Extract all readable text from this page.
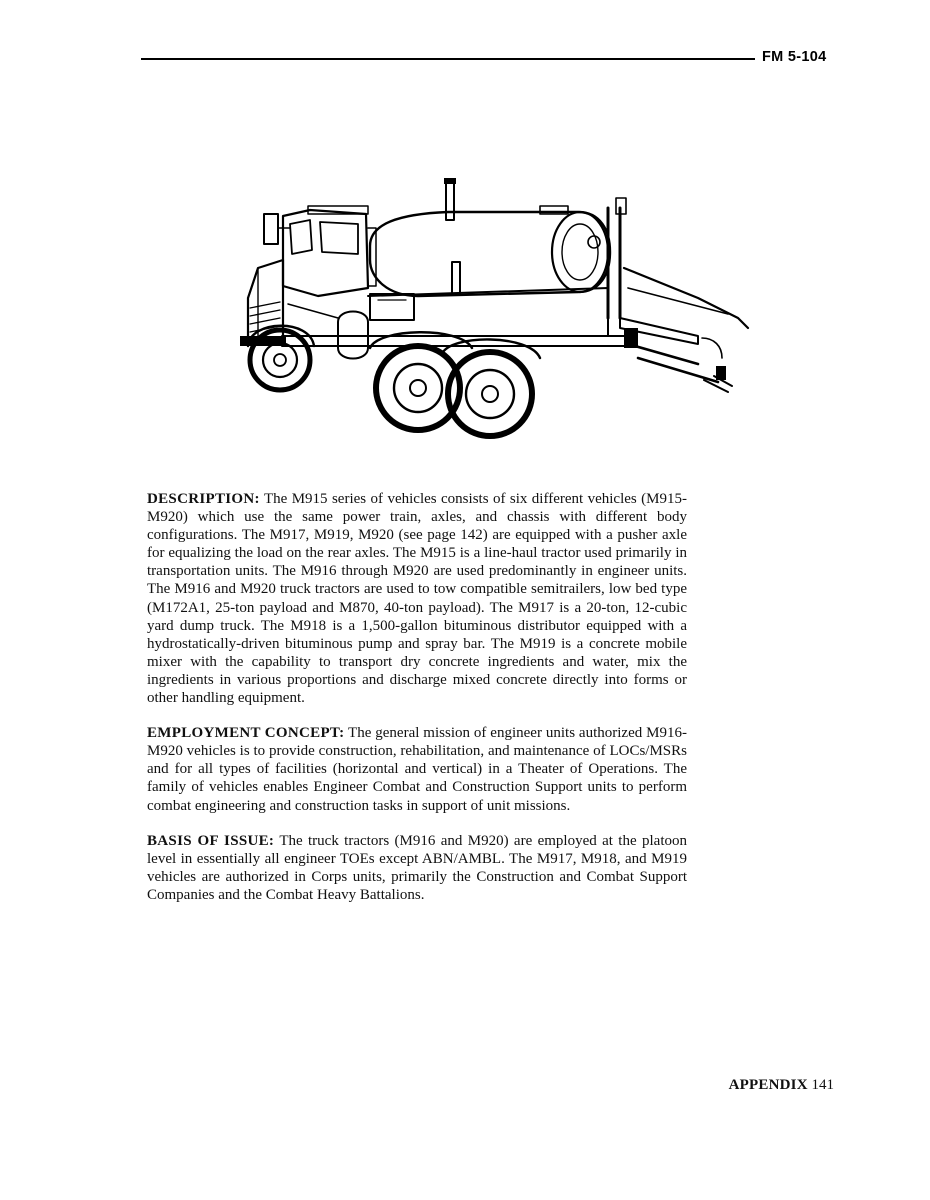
FM 5-104

DESCRIPTION: The M915 series of vehicles consists of six different vehicles (M915-M920) which use the same power train, axles, and chassis with different body configurations. The M917, M919, M920 (see page 142) are equipped with a pusher axle for equalizing the load on the rear axles. The M915 is a line-haul tractor used primarily in transportation units. The M916 through M920 are used predominantly in engineer units. The M916 and M920 truck tractors are used to tow compatible semitrailers, low bed type (M172A1, 25-ton payload and M870, 40-ton payload). The M917 is a 20-ton, 12-cubic yard dump truck. The M918 is a 1,500-gallon bituminous distributor equipped with a hydrostatically-driven bituminous pump and spray bar. The M919 is a concrete mobile mixer with the capability to transport dry concrete ingredients and water, mix the ingredients in various proportions and discharge mixed concrete directly into forms or other handling equipment.

EMPLOYMENT CONCEPT: The general mission of engineer units authorized M916-M920 vehicles is to provide construction, rehabilitation, and maintenance of LOCs/MSRs and for all types of facilities (horizontal and vertical) in a Theater of Operations. The family of vehicles enables Engineer Combat and Construction Support units to perform combat engineering and construction tasks in support of unit missions.

BASIS OF ISSUE: The truck tractors (M916 and M920) are employed at the platoon level in essentially all engineer TOEs except ABN/AMBL. The M917, M918, and M919 vehicles are authorized in Corps units, primarily the Construction and Combat Support Companies and the Combat Heavy Battalions.

APPENDIX 141
